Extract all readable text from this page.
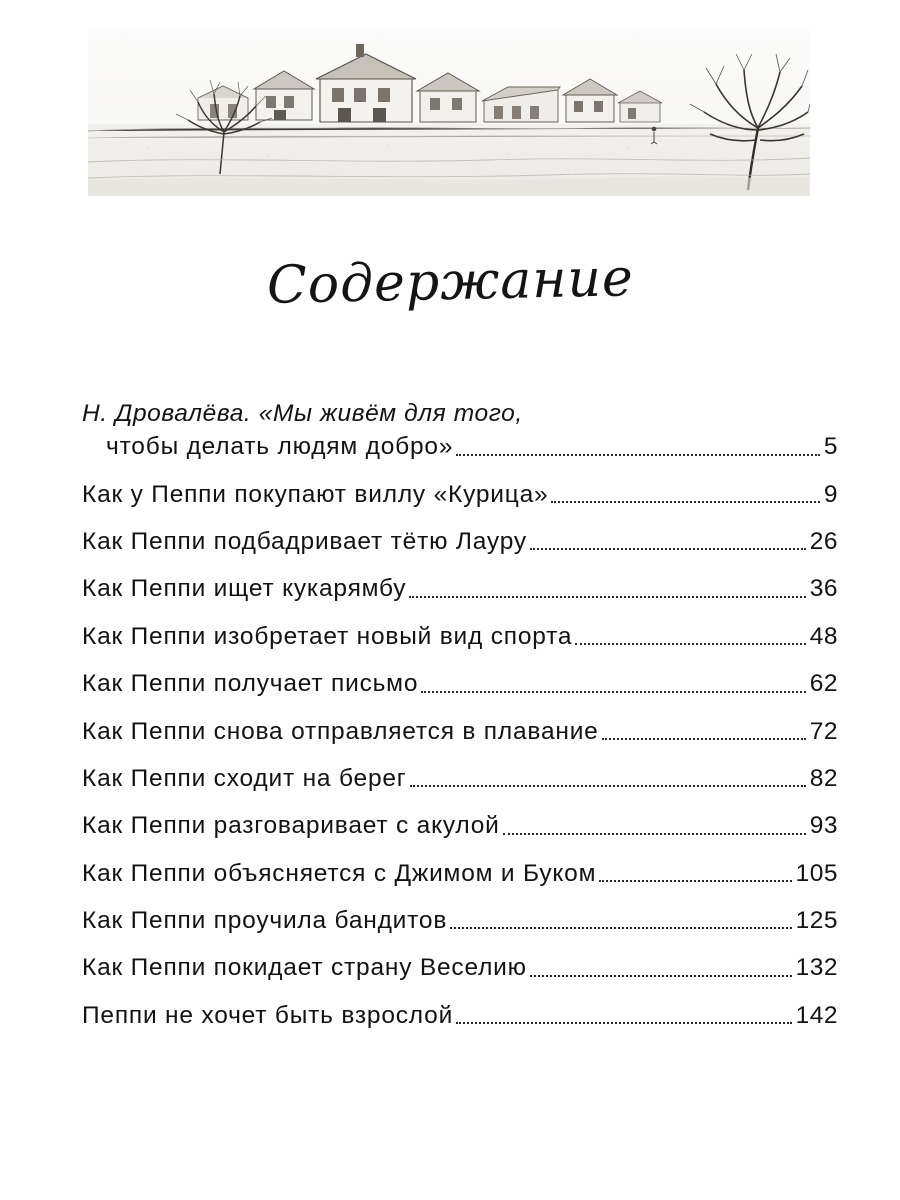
Содержание
Н. Дровалёва. «Мы живём для того,
чтобы делать людям добро»	5
Как у Пеппи покупают виллу «Курица»	9
Как Пеппи подбадривает тётю Лауру	26
Как Пеппи ищет кукарямбу	36
Как Пеппи изобретает новый вид спорта	48
Как Пеппи получает письмо	62
Как Пеппи снова отправляется в плавание	72
Как Пеппи сходит на берег	82
Как Пеппи разговаривает с акулой	93
Как Пеппи объясняется с Джимом и Буком	105
Как Пеппи проучила бандитов	125
Как Пеппи покидает страну Веселию	132
Пеппи не хочет быть взрослой	142
